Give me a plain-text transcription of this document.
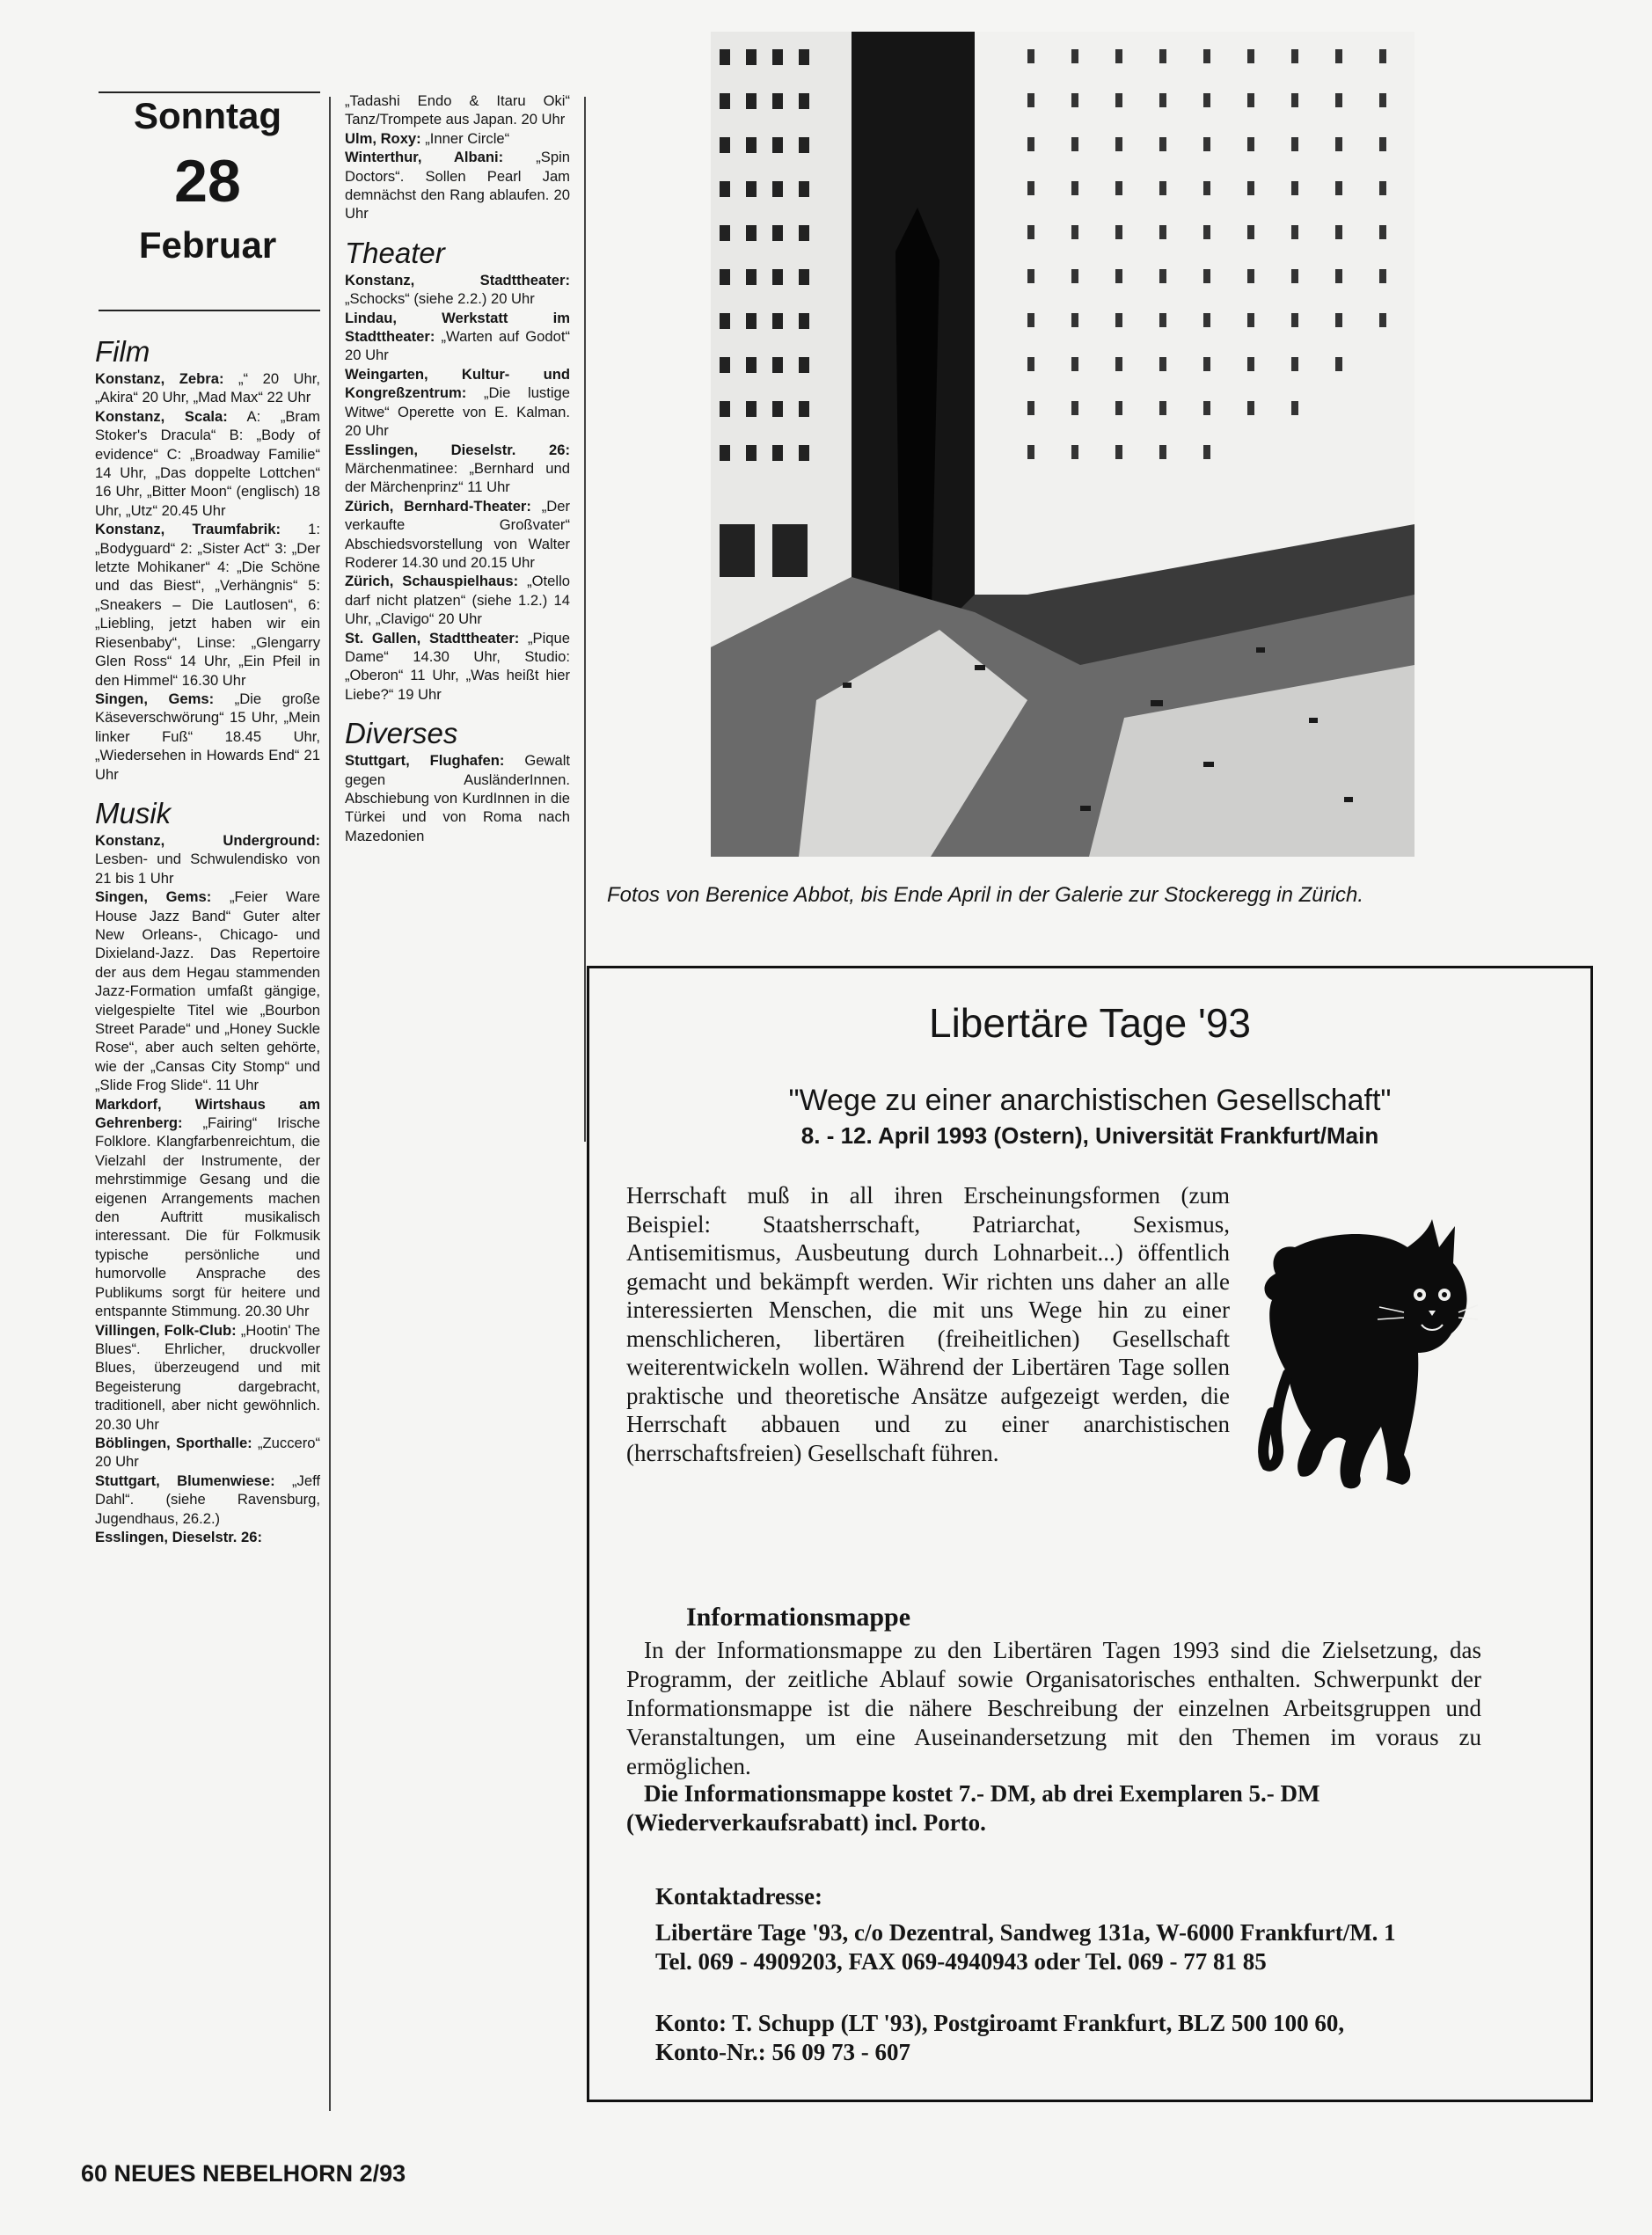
Sonntag
28
Februar
Film

Konstanz, Zebra: „“ 20 Uhr, „Akira“ 20 Uhr, „Mad Max“ 22 Uhr

Konstanz, Scala: A: „Bram Stoker's Dracula“ B: „Body of evidence“ C: „Broadway Familie“ 14 Uhr, „Das doppelte Lottchen“ 16 Uhr, „Bitter Moon“ (englisch) 18 Uhr, „Utz“ 20.45 Uhr

Konstanz, Traumfabrik: 1: „Bodyguard“ 2: „Sister Act“ 3: „Der letzte Mohikaner“ 4: „Die Schöne und das Biest“, „Verhängnis“ 5: „Sneakers – Die Lautlosen“, 6: „Liebling, jetzt haben wir ein Riesenbaby“, Linse: „Glengarry Glen Ross“ 14 Uhr, „Ein Pfeil in den Himmel“ 16.30 Uhr

Singen, Gems: „Die große Käseverschwörung“ 15 Uhr, „Mein linker Fuß“ 18.45 Uhr, „Wiedersehen in Howards End“ 21 Uhr

Musik

Konstanz, Underground: Lesben- und Schwulendisko von 21 bis 1 Uhr

Singen, Gems: „Feier Ware House Jazz Band“ Guter alter New Orleans-, Chicago- und Dixieland-Jazz. Das Repertoire der aus dem Hegau stammenden Jazz-Formation umfaßt gängige, vielgespielte Titel wie „Bourbon Street Parade“ und „Honey Suckle Rose“, aber auch selten gehörte, wie der „Cansas City Stomp“ und „Slide Frog Slide“. 11 Uhr

Markdorf, Wirtshaus am Gehrenberg: „Fairing“ Irische Folklore. Klangfarbenreichtum, die Vielzahl der Instrumente, der mehrstimmige Gesang und die eigenen Arrangements machen den Auftritt musikalisch interessant. Die für Folkmusik typische persönliche und humorvolle Ansprache des Publikums sorgt für heitere und entspannte Stimmung. 20.30 Uhr

Villingen, Folk-Club: „Hootin' The Blues“. Ehrlicher, druckvoller Blues, überzeugend und mit Begeisterung dargebracht, traditionell, aber nicht gewöhnlich. 20.30 Uhr

Böblingen, Sporthalle: „Zuccero“ 20 Uhr

Stuttgart, Blumenwiese: „Jeff Dahl“. (siehe Ravensburg, Jugendhaus, 26.2.)

Esslingen, Dieselstr. 26:

„Tadashi Endo & Itaru Oki“ Tanz/Trompete aus Japan. 20 Uhr

Ulm, Roxy: „Inner Circle“

Winterthur, Albani: „Spin Doctors“. Sollen Pearl Jam demnächst den Rang ablaufen. 20 Uhr

Theater

Konstanz, Stadttheater: „Schocks“ (siehe 2.2.) 20 Uhr

Lindau, Werkstatt im Stadttheater: „Warten auf Godot“ 20 Uhr

Weingarten, Kultur- und Kongreßzentrum: „Die lustige Witwe“ Operette von E. Kalman. 20 Uhr

Esslingen, Dieselstr. 26: Märchenmatinee: „Bernhard und der Märchenprinz“ 11 Uhr

Zürich, Bernhard-Theater: „Der verkaufte Großvater“ Abschiedsvorstellung von Walter Roderer 14.30 und 20.15 Uhr

Zürich, Schauspielhaus: „Otello darf nicht platzen“ (siehe 1.2.) 14 Uhr, „Clavigo“ 20 Uhr

St. Gallen, Stadttheater: „Pique Dame“ 14.30 Uhr, Studio: „Oberon“ 11 Uhr, „Was heißt hier Liebe?“ 19 Uhr

Diverses

Stuttgart, Flughafen: Gewalt gegen AusländerInnen. Abschiebung von KurdInnen in die Türkei und von Roma nach Mazedonien

Fotos von Berenice Abbot, bis Ende April in der Galerie zur Stockeregg in Zürich.
Libertäre Tage '93
"Wege zu einer anarchistischen Gesellschaft"
8. - 12. April 1993 (Ostern), Universität Frankfurt/Main
Herrschaft muß in all ihren Erscheinungsformen (zum Beispiel: Staatsherrschaft, Patriarchat, Sexismus, Antisemitismus, Ausbeutung durch Lohnarbeit...) öffentlich gemacht und bekämpft werden. Wir richten uns daher an alle interessierten Menschen, die mit uns Wege hin zu einer menschlicheren, libertären (freiheitlichen) Gesellschaft weiterentwickeln wollen. Während der Libertären Tage sollen praktische und theoretische Ansätze aufgezeigt werden, die Herrschaft abbauen und zu einer anarchistischen (herrschaftsfreien) Gesellschaft führen.
Informationsmappe
In der Informationsmappe zu den Libertären Tagen 1993 sind die Zielsetzung, das Programm, der zeitliche Ablauf sowie Organisatorisches enthalten. Schwerpunkt der Informationsmappe ist die nähere Beschreibung der einzelnen Arbeitsgruppen und Veranstaltungen, um eine Auseinandersetzung mit den Themen im voraus zu ermöglichen.
Die Informationsmappe kostet 7.- DM, ab drei Exemplaren 5.- DM (Wiederverkaufsrabatt) incl. Porto.
Kontaktadresse:
Libertäre Tage '93, c/o Dezentral, Sandweg 131a, W-6000 Frankfurt/M. 1
Tel. 069 - 4909203, FAX 069-4940943 oder Tel. 069 - 77 81 85
Konto: T. Schupp (LT '93), Postgiroamt Frankfurt, BLZ 500 100 60,
Konto-Nr.: 56 09 73 - 607
60 NEUES NEBELHORN 2/93
